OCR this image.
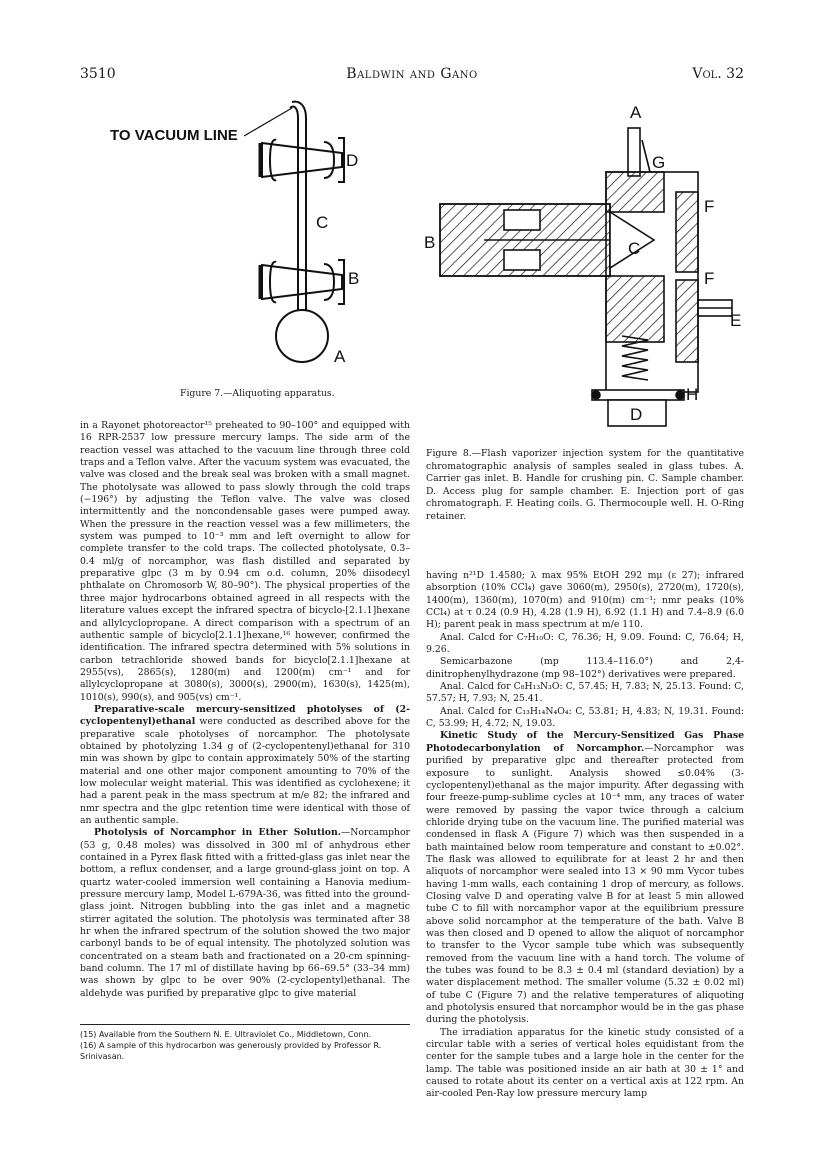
3510	Baldwin and Gano	Vol. 32
TO VACUUM LINE
D
C
B
A
Figure 7.—Aliquoting apparatus.
A
G
F
B	C
F
E
H
D
Figure 8.—Flash vaporizer injection system for the quantitative chromatographic analysis of samples sealed in glass tubes. A. Carrier gas inlet. B. Handle for crushing pin. C. Sample chamber. D. Access plug for sample chamber. E. Injection port of gas chromatograph. F. Heating coils. G. Thermocouple well. H. O-Ring retainer.

in a Rayonet photoreactor¹⁵ preheated to 90–100° and equipped with 16 RPR-2537 low pressure mercury lamps. The side arm of the reaction vessel was attached to the vacuum line through three cold traps and a Teflon valve. After the vacuum system was evacuated, the valve was closed and the break seal was broken with a small magnet. The photolysate was allowed to pass slowly through the cold traps (−196°) by adjusting the Teflon valve. The valve was closed intermittently and the noncondensable gases were pumped away. When the pressure in the reaction vessel was a few millimeters, the system was pumped to 10⁻³ mm and left overnight to allow for complete transfer to the cold traps. The collected photolysate, 0.3–0.4 ml/g of norcamphor, was flash distilled and separated by preparative glpc (3 m by 0.94 cm o.d. column, 20% diisodecyl phthalate on Chromosorb W, 80–90°). The physical properties of the three major hydrocarbons obtained agreed in all respects with the literature values except the infrared spectra of bicyclo-[2.1.1]hexane and allylcyclopropane. A direct comparison with a spectrum of an authentic sample of bicyclo[2.1.1]hexane,¹⁶ however, confirmed the identification. The infrared spectra determined with 5% solutions in carbon tetrachloride showed bands for bicyclo[2.1.1]hexane at 2955(vs), 2865(s), 1280(m) and 1200(m) cm⁻¹ and for allylcyclopropane at 3080(s), 3000(s), 2900(m), 1630(s), 1425(m), 1010(s), 990(s), and 905(vs) cm⁻¹.

Preparative-scale mercury-sensitized photolyses of (2-cyclopentenyl)ethanal were conducted as described above for the preparative scale photolyses of norcamphor. The photolysate obtained by photolyzing 1.34 g of (2-cyclopentenyl)ethanal for 310 min was shown by glpc to contain approximately 50% of the starting material and one other major component amounting to 70% of the low molecular weight material. This was identified as cyclohexene; it had a parent peak in the mass spectrum at m/e 82; the infrared and nmr spectra and the glpc retention time were identical with those of an authentic sample.

Photolysis of Norcamphor in Ether Solution.—Norcamphor (53 g, 0.48 moles) was dissolved in 300 ml of anhydrous ether contained in a Pyrex flask fitted with a fritted-glass gas inlet near the bottom, a reflux condenser, and a large ground-glass joint on top. A quartz water-cooled immersion well containing a Hanovia medium-pressure mercury lamp, Model L-679A-36, was fitted into the ground-glass joint. Nitrogen bubbling into the gas inlet and a magnetic stirrer agitated the solution. The photolysis was terminated after 38 hr when the infrared spectrum of the solution showed the two major carbonyl bands to be of equal intensity. The photolyzed solution was concentrated on a steam bath and fractionated on a 20-cm spinning-band column. The 17 ml of distillate having bp 66–69.5° (33–34 mm) was shown by glpc to be over 90% (2-cyclopentyl)ethanal. The aldehyde was purified by preparative glpc to give material

(15) Available from the Southern N. E. Ultraviolet Co., Middletown, Conn.
(16) A sample of this hydrocarbon was generously provided by Professor R. Srinivasan.

having n²¹D 1.4580; λ max 95% EtOH 292 mμ (ε 27); infrared absorption (10% CCl₄) gave 3060(m), 2950(s), 2720(m), 1720(s), 1400(m), 1360(m), 1070(m) and 910(m) cm⁻¹; nmr peaks (10% CCl₄) at τ 0.24 (0.9 H), 4.28 (1.9 H), 6.92 (1.1 H) and 7.4–8.9 (6.0 H); parent peak in mass spectrum at m/e 110.

Anal. Calcd for C₇H₁₀O: C, 76.36; H, 9.09. Found: C, 76.64; H, 9.26.

Semicarbazone (mp 113.4–116.0°) and 2,4-dinitrophenylhydrazone (mp 98–102°) derivatives were prepared.

Anal. Calcd for C₈H₁₃N₃O: C, 57.45; H, 7.83; N, 25.13. Found: C, 57.57; H, 7.93; N, 25.41.

Anal. Calcd for C₁₃H₁₄N₄O₄: C, 53.81; H, 4.83; N, 19.31. Found: C, 53.99; H, 4.72; N, 19.03.

Kinetic Study of the Mercury-Sensitized Gas Phase Photodecarbonylation of Norcamphor.—Norcamphor was purified by preparative glpc and thereafter protected from exposure to sunlight. Analysis showed ≤0.04% (3-cyclopentenyl)ethanal as the major impurity. After degassing with four freeze-pump-sublime cycles at 10⁻⁴ mm, any traces of water were removed by passing the vapor twice through a calcium chloride drying tube on the vacuum line. The purified material was condensed in flask A (Figure 7) which was then suspended in a bath maintained below room temperature and constant to ±0.02°. The flask was allowed to equilibrate for at least 2 hr and then aliquots of norcamphor were sealed into 13 × 90 mm Vycor tubes having 1-mm walls, each containing 1 drop of mercury, as follows. Closing valve D and operating valve B for at least 5 min allowed tube C to fill with norcamphor vapor at the equilibrium pressure above solid norcamphor at the temperature of the bath. Valve B was then closed and D opened to allow the aliquot of norcamphor to transfer to the Vycor sample tube which was subsequently removed from the vacuum line with a hand torch. The volume of the tubes was found to be 8.3 ± 0.4 ml (standard deviation) by a water displacement method. The smaller volume (5.32 ± 0.02 ml) of tube C (Figure 7) and the relative temperatures of aliquoting and photolysis ensured that norcamphor would be in the gas phase during the photolysis.

The irradiation apparatus for the kinetic study consisted of a circular table with a series of vertical holes equidistant from the center for the sample tubes and a large hole in the center for the lamp. The table was positioned inside an air bath at 30 ± 1° and caused to rotate about its center on a vertical axis at 122 rpm. An air-cooled Pen-Ray low pressure mercury lamp
